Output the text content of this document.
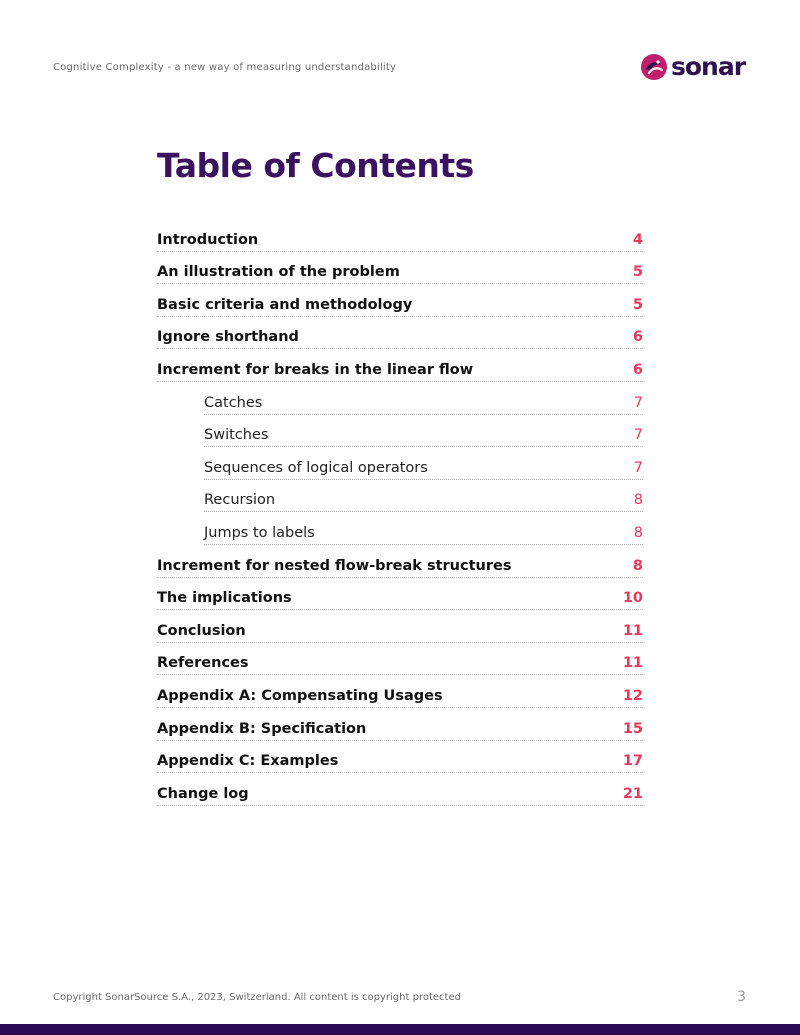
Cognitive Complexity - a new way of measuring understandability	sonar
Table of Contents
Introduction	4
An illustration of the problem	5
Basic criteria and methodology	5
Ignore shorthand	6
Increment for breaks in the linear flow	6
Catches	7
Switches	7
Sequences of logical operators	7
Recursion	8
Jumps to labels	8
Increment for nested flow-break structures	8
The implications	10
Conclusion	11
References	11
Appendix A: Compensating Usages	12
Appendix B: Specification	15
Appendix C: Examples	17
Change log	21
Copyright SonarSource S.A., 2023, Switzerland. All content is copyright protected	3
